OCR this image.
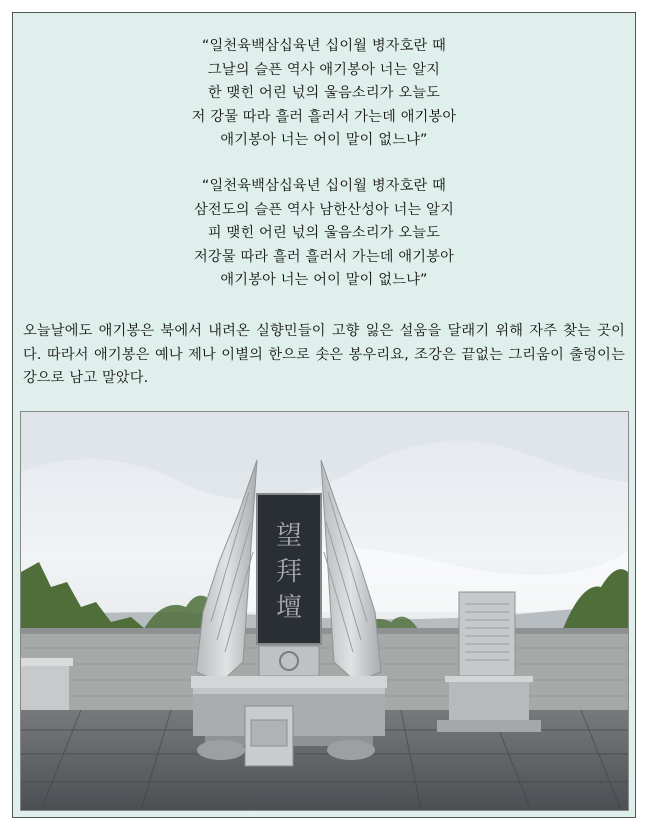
“일천육백삼십육년 십이월 병자호란 때
그날의 슬픈 역사 애기봉아 너는 알지
한 맺힌 어린 넋의 울음소리가 오늘도
저 강물 따라 흘러 흘러서 가는데 애기봉아
애기봉아 너는 어이 말이 없느냐”
“일천육백삼십육년 십이월 병자호란 때
삼전도의 슬픈 역사 남한산성아 너는 알지
피 맺힌 어린 넋의 울음소리가 오늘도
저강물 따라 흘러 흘러서 가는데 애기봉아
애기봉아 너는 어이 말이 없느냐”
오늘날에도 애기봉은 북에서 내려온 실향민들이 고향 잃은 설움을 달래기 위해 자주 찾는 곳이다. 따라서 애기봉은 예나 제나 이별의 한으로 솟은 봉우리요, 조강은 끝없는 그리움이 출렁이는 강으로 남고 말았다.
望
拜
壇
